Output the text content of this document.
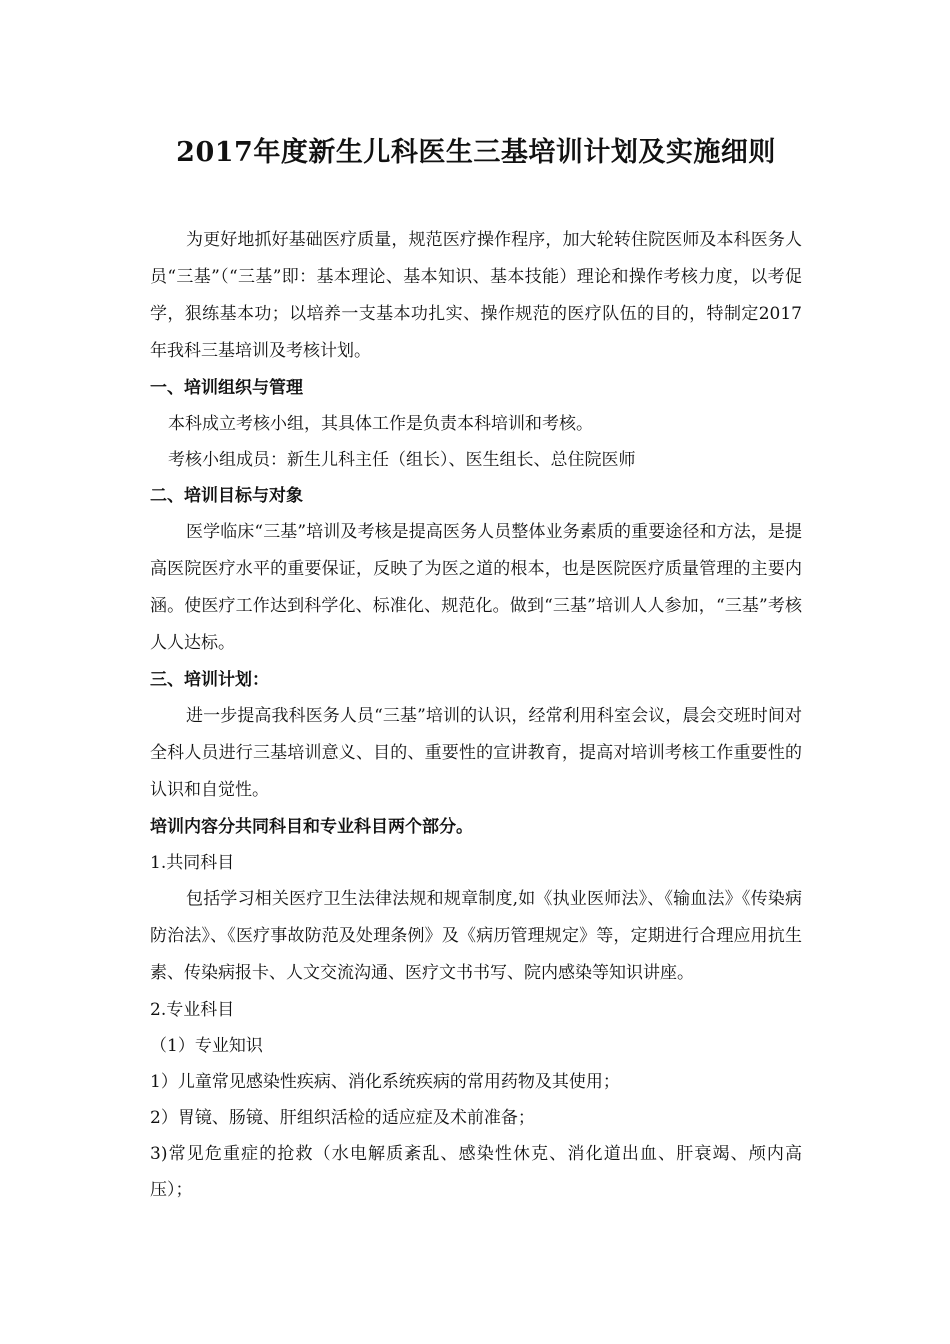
2017年度新生儿科医生三基培训计划及实施细则

为更好地抓好基础医疗质量，规范医疗操作程序，加大轮转住院医师及本科医务人员“三基”（“三基”即：基本理论、基本知识、基本技能）理论和操作考核力度，以考促学，狠练基本功；以培养一支基本功扎实、操作规范的医疗队伍的目的，特制定2017年我科三基培训及考核计划。

一、培训组织与管理

本科成立考核小组，其具体工作是负责本科培训和考核。

考核小组成员：新生儿科主任（组长）、医生组长、总住院医师

二、培训目标与对象

医学临床“三基”培训及考核是提高医务人员整体业务素质的重要途径和方法，是提高医院医疗水平的重要保证，反映了为医之道的根本，也是医院医疗质量管理的主要内涵。使医疗工作达到科学化、标准化、规范化。做到“三基”培训人人参加，“三基”考核人人达标。

三、培训计划：

进一步提高我科医务人员“三基”培训的认识，经常利用科室会议，晨会交班时间对全科人员进行三基培训意义、目的、重要性的宣讲教育，提高对培训考核工作重要性的认识和自觉性。

培训内容分共同科目和专业科目两个部分。

1.共同科目

包括学习相关医疗卫生法律法规和规章制度,如《执业医师法》、《输血法》《传染病防治法》、《医疗事故防范及处理条例》及《病历管理规定》等，定期进行合理应用抗生素、传染病报卡、人文交流沟通、医疗文书书写、院内感染等知识讲座。

2.专业科目

（1）专业知识

1）儿童常见感染性疾病、消化系统疾病的常用药物及其使用；

2）胃镜、肠镜、肝组织活检的适应症及术前准备；

3)常见危重症的抢救（水电解质紊乱、感染性休克、消化道出血、肝衰竭、颅内高压）；
